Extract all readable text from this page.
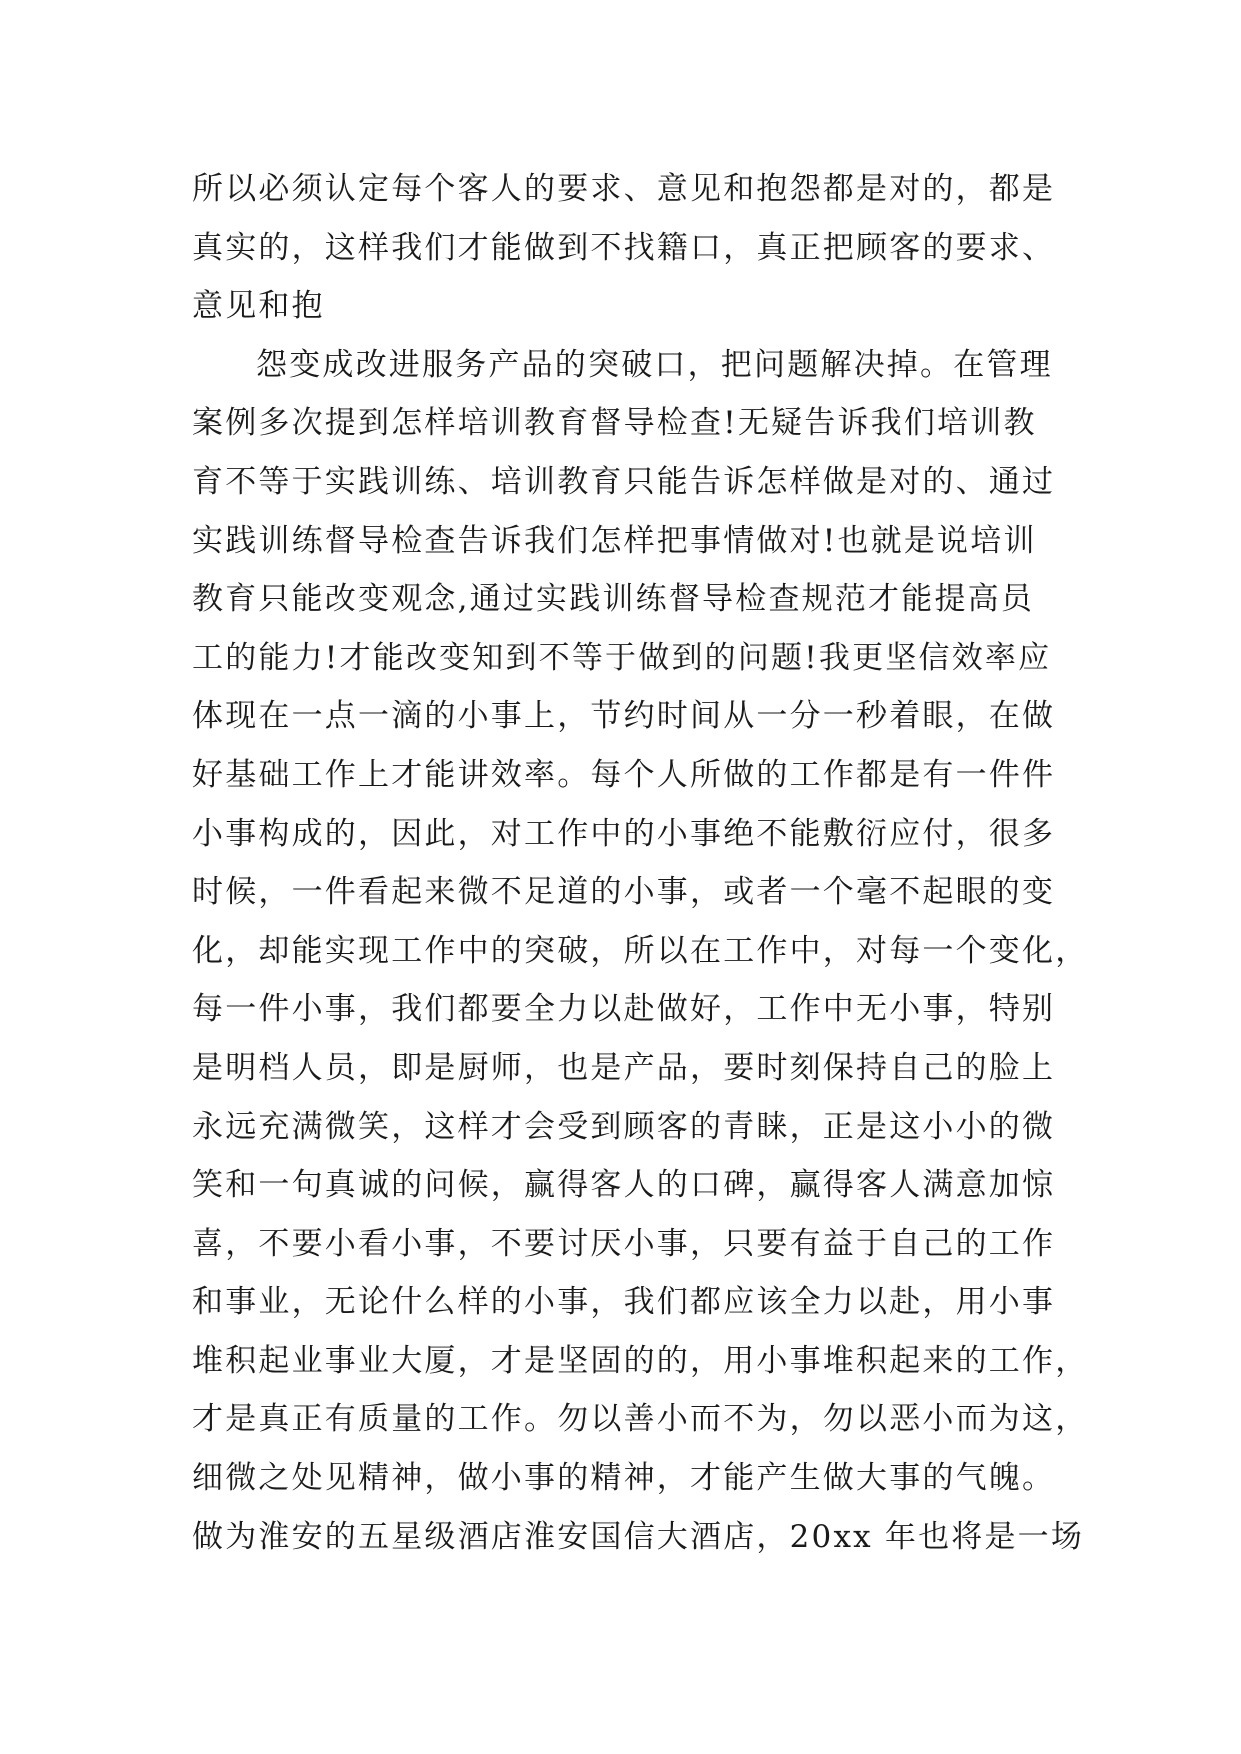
所以必须认定每个客人的要求、意见和抱怨都是对的，都是
真实的，这样我们才能做到不找籍口，真正把顾客的要求、
意见和抱
怨变成改进服务产品的突破口，把问题解决掉。在管理
案例多次提到怎样培训教育督导检查!无疑告诉我们培训教
育不等于实践训练、培训教育只能告诉怎样做是对的、通过
实践训练督导检查告诉我们怎样把事情做对!也就是说培训
教育只能改变观念,通过实践训练督导检查规范才能提高员
工的能力!才能改变知到不等于做到的问题!我更坚信效率应
体现在一点一滴的小事上，节约时间从一分一秒着眼，在做
好基础工作上才能讲效率。每个人所做的工作都是有一件件
小事构成的，因此，对工作中的小事绝不能敷衍应付，很多
时候，一件看起来微不足道的小事，或者一个毫不起眼的变
化，却能实现工作中的突破，所以在工作中，对每一个变化，
每一件小事，我们都要全力以赴做好，工作中无小事，特别
是明档人员，即是厨师，也是产品，要时刻保持自己的脸上
永远充满微笑，这样才会受到顾客的青睐，正是这小小的微
笑和一句真诚的问候，赢得客人的口碑，赢得客人满意加惊
喜，不要小看小事，不要讨厌小事，只要有益于自己的工作
和事业，无论什么样的小事，我们都应该全力以赴，用小事
堆积起业事业大厦，才是坚固的的，用小事堆积起来的工作，
才是真正有质量的工作。勿以善小而不为，勿以恶小而为这，
细微之处见精神，做小事的精神，才能产生做大事的气魄。
做为淮安的五星级酒店淮安国信大酒店，20xx 年也将是一场
